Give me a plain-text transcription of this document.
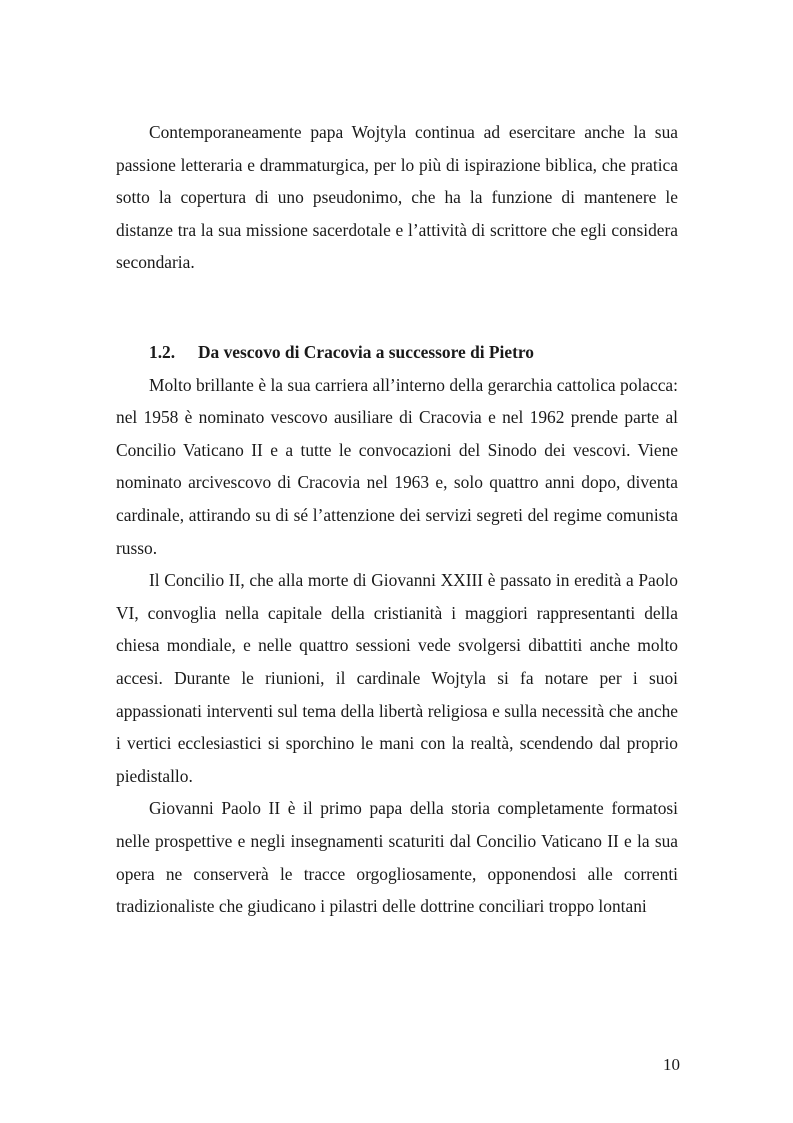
Contemporaneamente papa Wojtyla continua ad esercitare anche la sua passione letteraria e drammaturgica, per lo più di ispirazione biblica, che pratica sotto la copertura di uno pseudonimo, che ha la funzione di mantenere le distanze tra la sua missione sacerdotale e l’attività di scrittore che egli considera secondaria.

1.2. Da vescovo di Cracovia a successore di Pietro

Molto brillante è la sua carriera all’interno della gerarchia cattolica polacca: nel 1958 è nominato vescovo ausiliare di Cracovia e nel 1962 prende parte al Concilio Vaticano II e a tutte le convocazioni del Sinodo dei vescovi. Viene nominato arcivescovo di Cracovia nel 1963 e, solo quattro anni dopo, diventa cardinale, attirando su di sé l’attenzione dei servizi segreti del regime comunista russo.

Il Concilio II, che alla morte di Giovanni XXIII è passato in eredità a Paolo VI, convoglia nella capitale della cristianità i maggiori rappresentanti della chiesa mondiale, e nelle quattro sessioni vede svolgersi dibattiti anche molto accesi. Durante le riunioni, il cardinale Wojtyla si fa notare per i suoi appassionati interventi sul tema della libertà religiosa e sulla necessità che anche i vertici ecclesiastici si sporchino le mani con la realtà, scendendo dal proprio piedistallo.

Giovanni Paolo II è il primo papa della storia completamente formatosi nelle prospettive e negli insegnamenti scaturiti dal Concilio Vaticano II e la sua opera ne conserverà le tracce orgogliosamente, opponendosi alle correnti tradizionaliste che giudicano i pilastri delle dottrine conciliari troppo lontani

10
